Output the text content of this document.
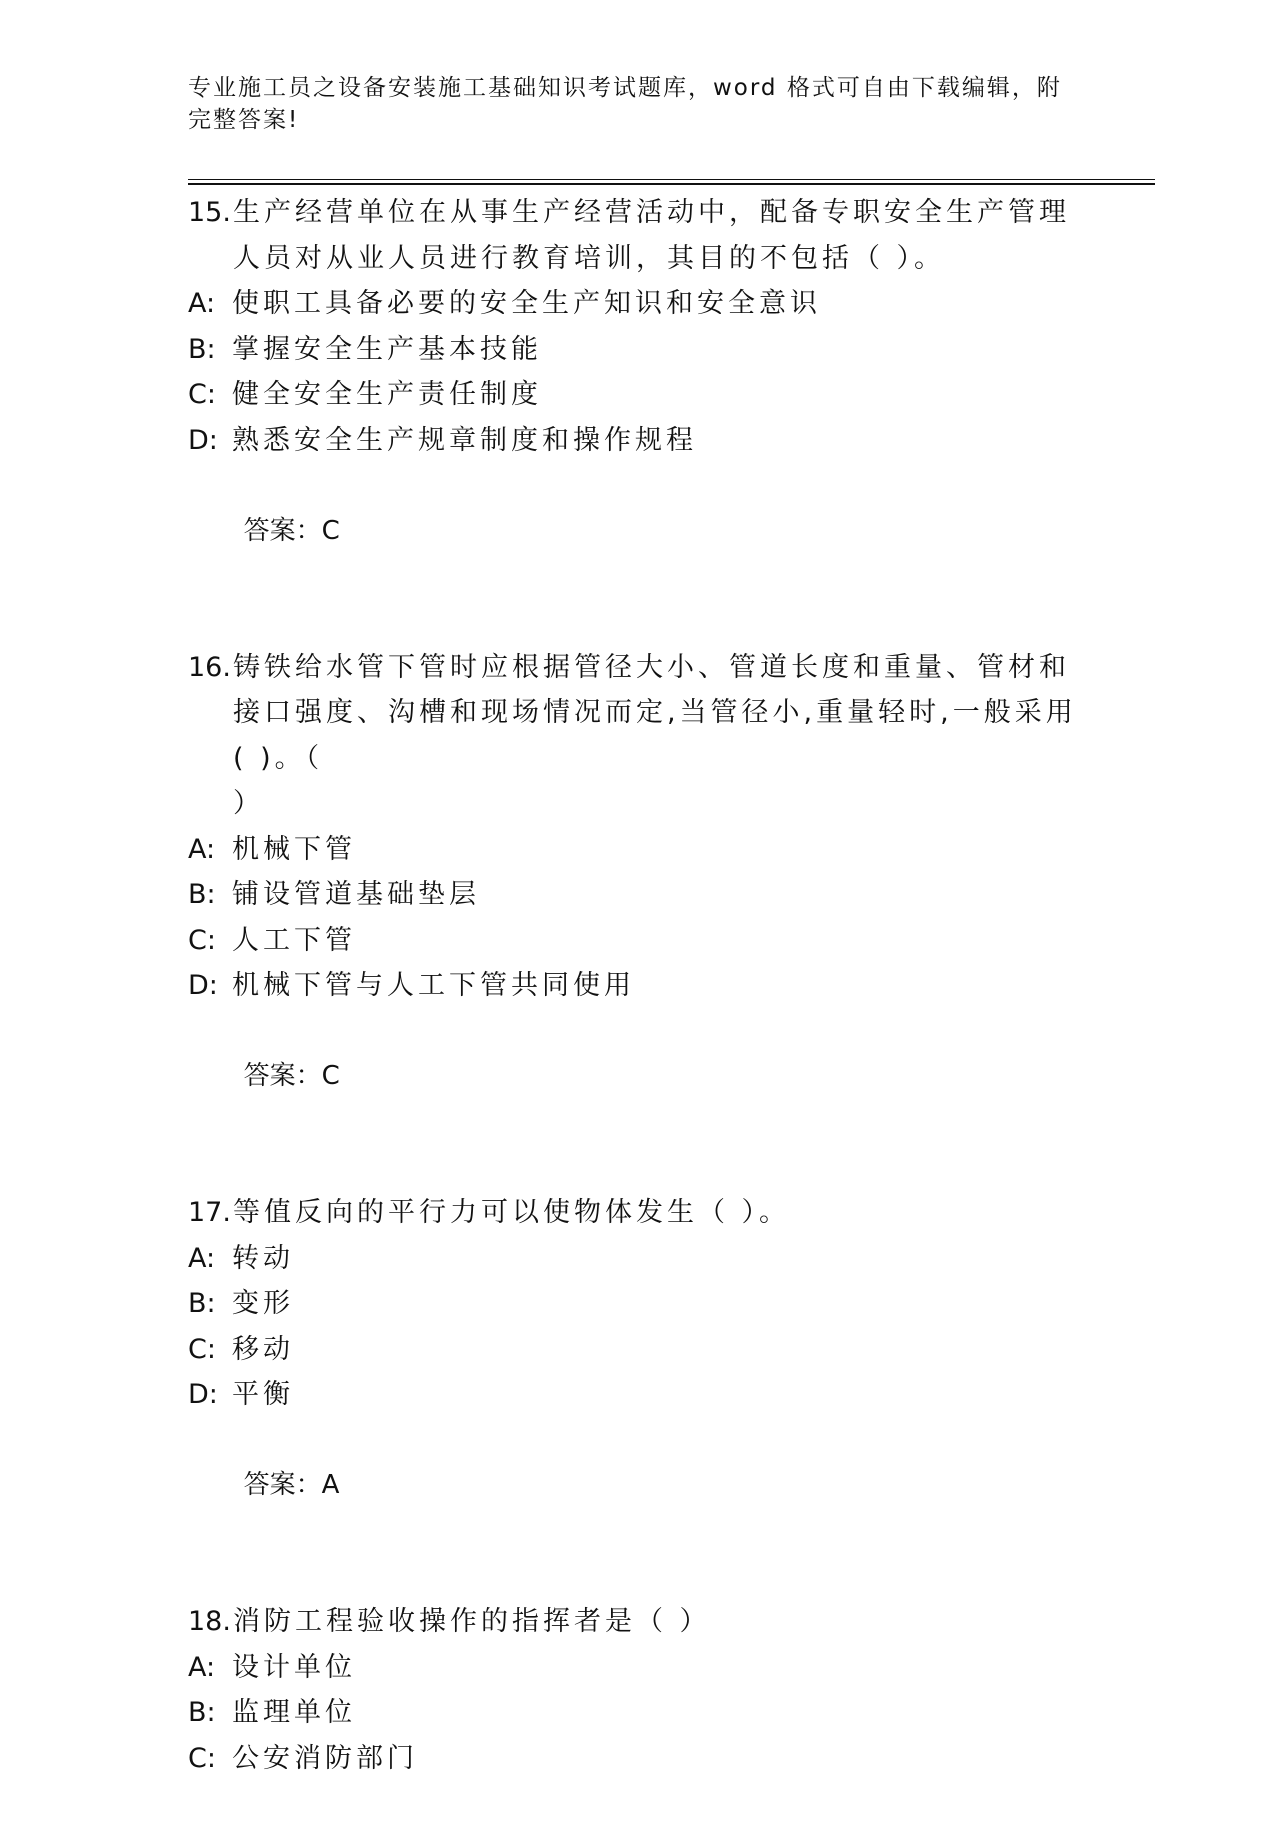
专业施工员之设备安装施工基础知识考试题库，word 格式可自由下载编辑，附完整答案!
15. 生产经营单位在从事生产经营活动中，配备专职安全生产管理人员对从业人员进行教育培训，其目的不包括（ ）。
A: 使职工具备必要的安全生产知识和安全意识
B: 掌握安全生产基本技能
C: 健全安全生产责任制度
D: 熟悉安全生产规章制度和操作规程

答案：C

16. 铸铁给水管下管时应根据管径大小、管道长度和重量、管材和接口强度、沟槽和现场情况而定,当管径小,重量轻时,一般采用( )。（
）
A: 机械下管
B: 铺设管道基础垫层
C: 人工下管
D: 机械下管与人工下管共同使用

答案：C

17. 等值反向的平行力可以使物体发生（ ）。
A: 转动
B: 变形
C: 移动
D: 平衡

答案：A

18. 消防工程验收操作的指挥者是（ ）
A: 设计单位
B: 监理单位
C: 公安消防部门
